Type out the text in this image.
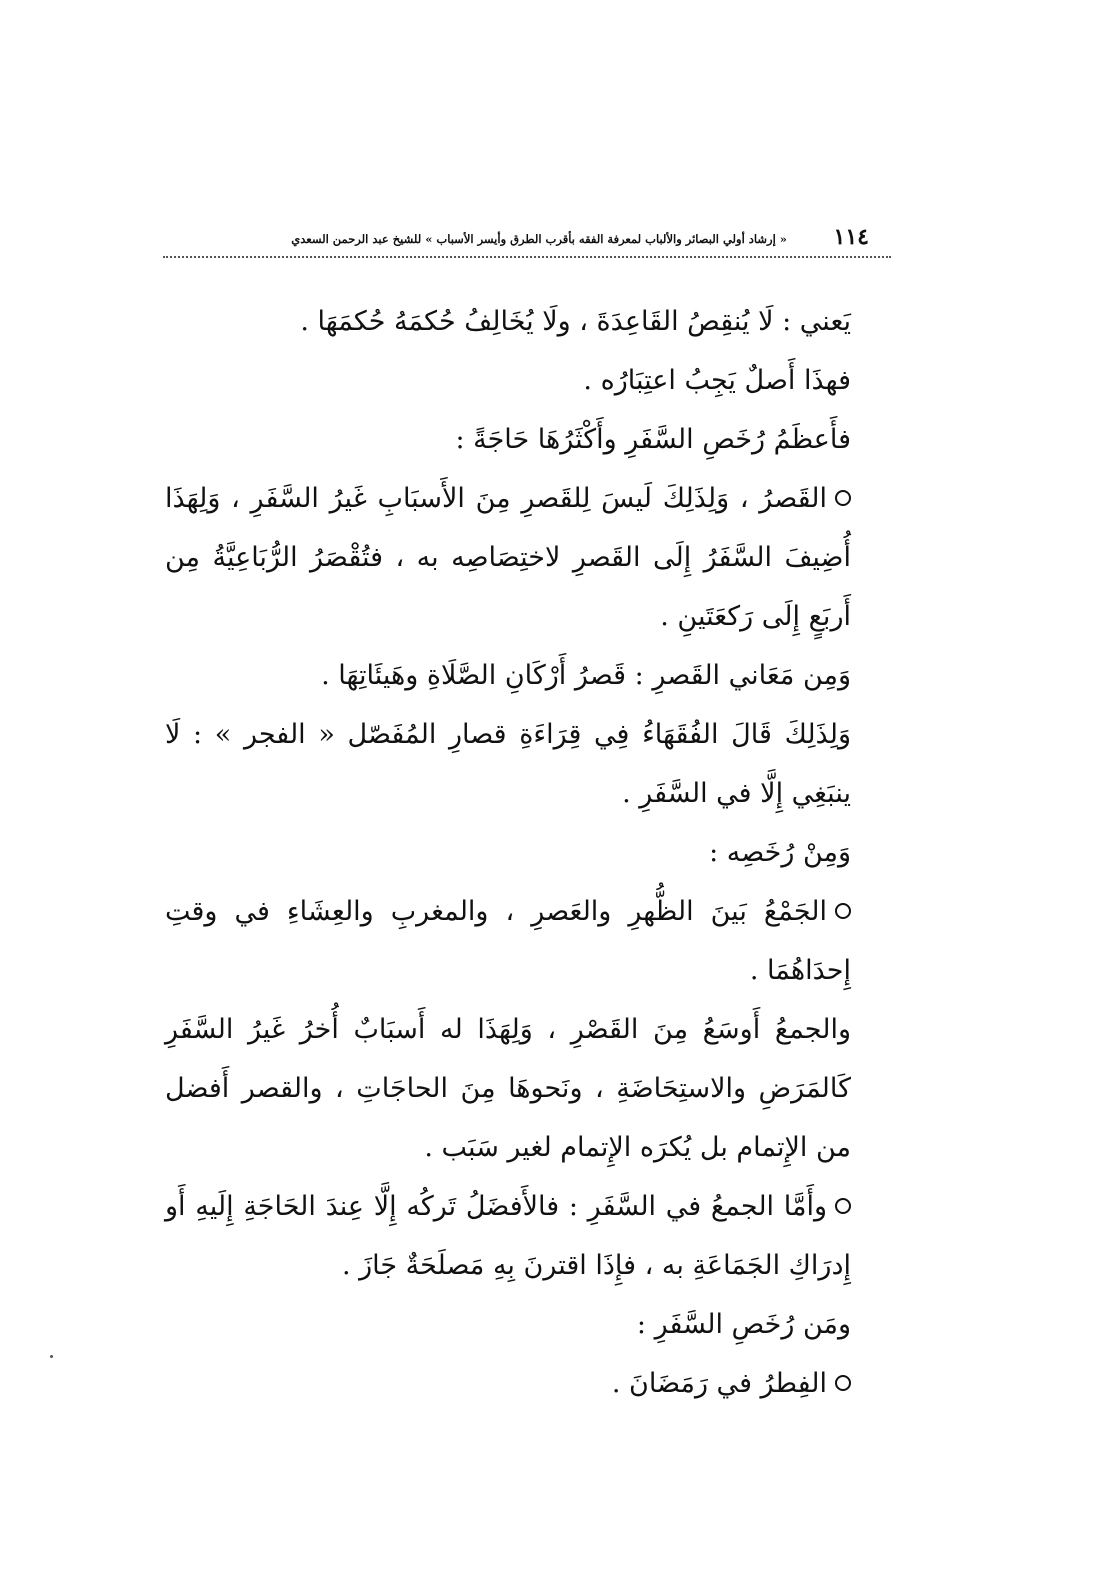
١١٤
« إرشاد أولي البصائر والألباب لمعرفة الفقه بأقرب الطرق وأيسر الأسباب » للشيخ عبد الرحمن السعدي

يَعني : لَا يُنقِصُ القَاعِدَةَ ، ولَا يُخَالِفُ حُكمَهُ حُكمَهَا .

فهذَا أَصلٌ يَجِبُ اعتِبَارُه .

فأَعظَمُ رُخَصِ السَّفَرِ وأَكْثَرُهَا حَاجَةً :

القَصرُ ، وَلِذَلِكَ لَيسَ لِلقَصرِ مِنَ الأَسبَابِ غَيرُ السَّفَرِ ، وَلِهَذَا أُضِيفَ السَّفَرُ إِلَى القَصرِ لاختِصَاصِه به ، فتُقْصَرُ الرُّبَاعِيَّةُ مِن أَربَعٍ إِلَى رَكعَتَينِ .

وَمِن مَعَاني القَصرِ : قَصرُ أَرْكَانِ الصَّلَاةِ وهَيئَاتِهَا .

وَلِذَلِكَ قَالَ الفُقَهَاءُ فِي قِرَاءَةِ قصارِ المُفَصّل « الفجر » : لَا ينبَغِي إِلَّا في السَّفَرِ .

وَمِنْ رُخَصِه :

الجَمْعُ بَينَ الظُّهرِ والعَصرِ ، والمغربِ والعِشَاءِ في وقتِ إِحدَاهُمَا .

والجمعُ أَوسَعُ مِنَ القَصْرِ ، وَلِهَذَا له أَسبَابٌ أُخرُ غَيرُ السَّفَرِ كَالمَرَضِ والاستِحَاضَةِ ، ونَحوهَا مِنَ الحاجَاتِ ، والقصر أَفضل من الإِتمام بل يُكرَه الإِتمام لغير سَبَب .

وأَمَّا الجمعُ في السَّفَرِ : فالأَفضَلُ تَركُه إِلَّا عِندَ الحَاجَةِ إِلَيهِ أَو إِدرَاكِ الجَمَاعَةِ به ، فإِذَا اقترنَ بِهِ مَصلَحَةٌ جَازَ .

ومَن رُخَصِ السَّفَرِ :

الفِطرُ في رَمَضَانَ .
